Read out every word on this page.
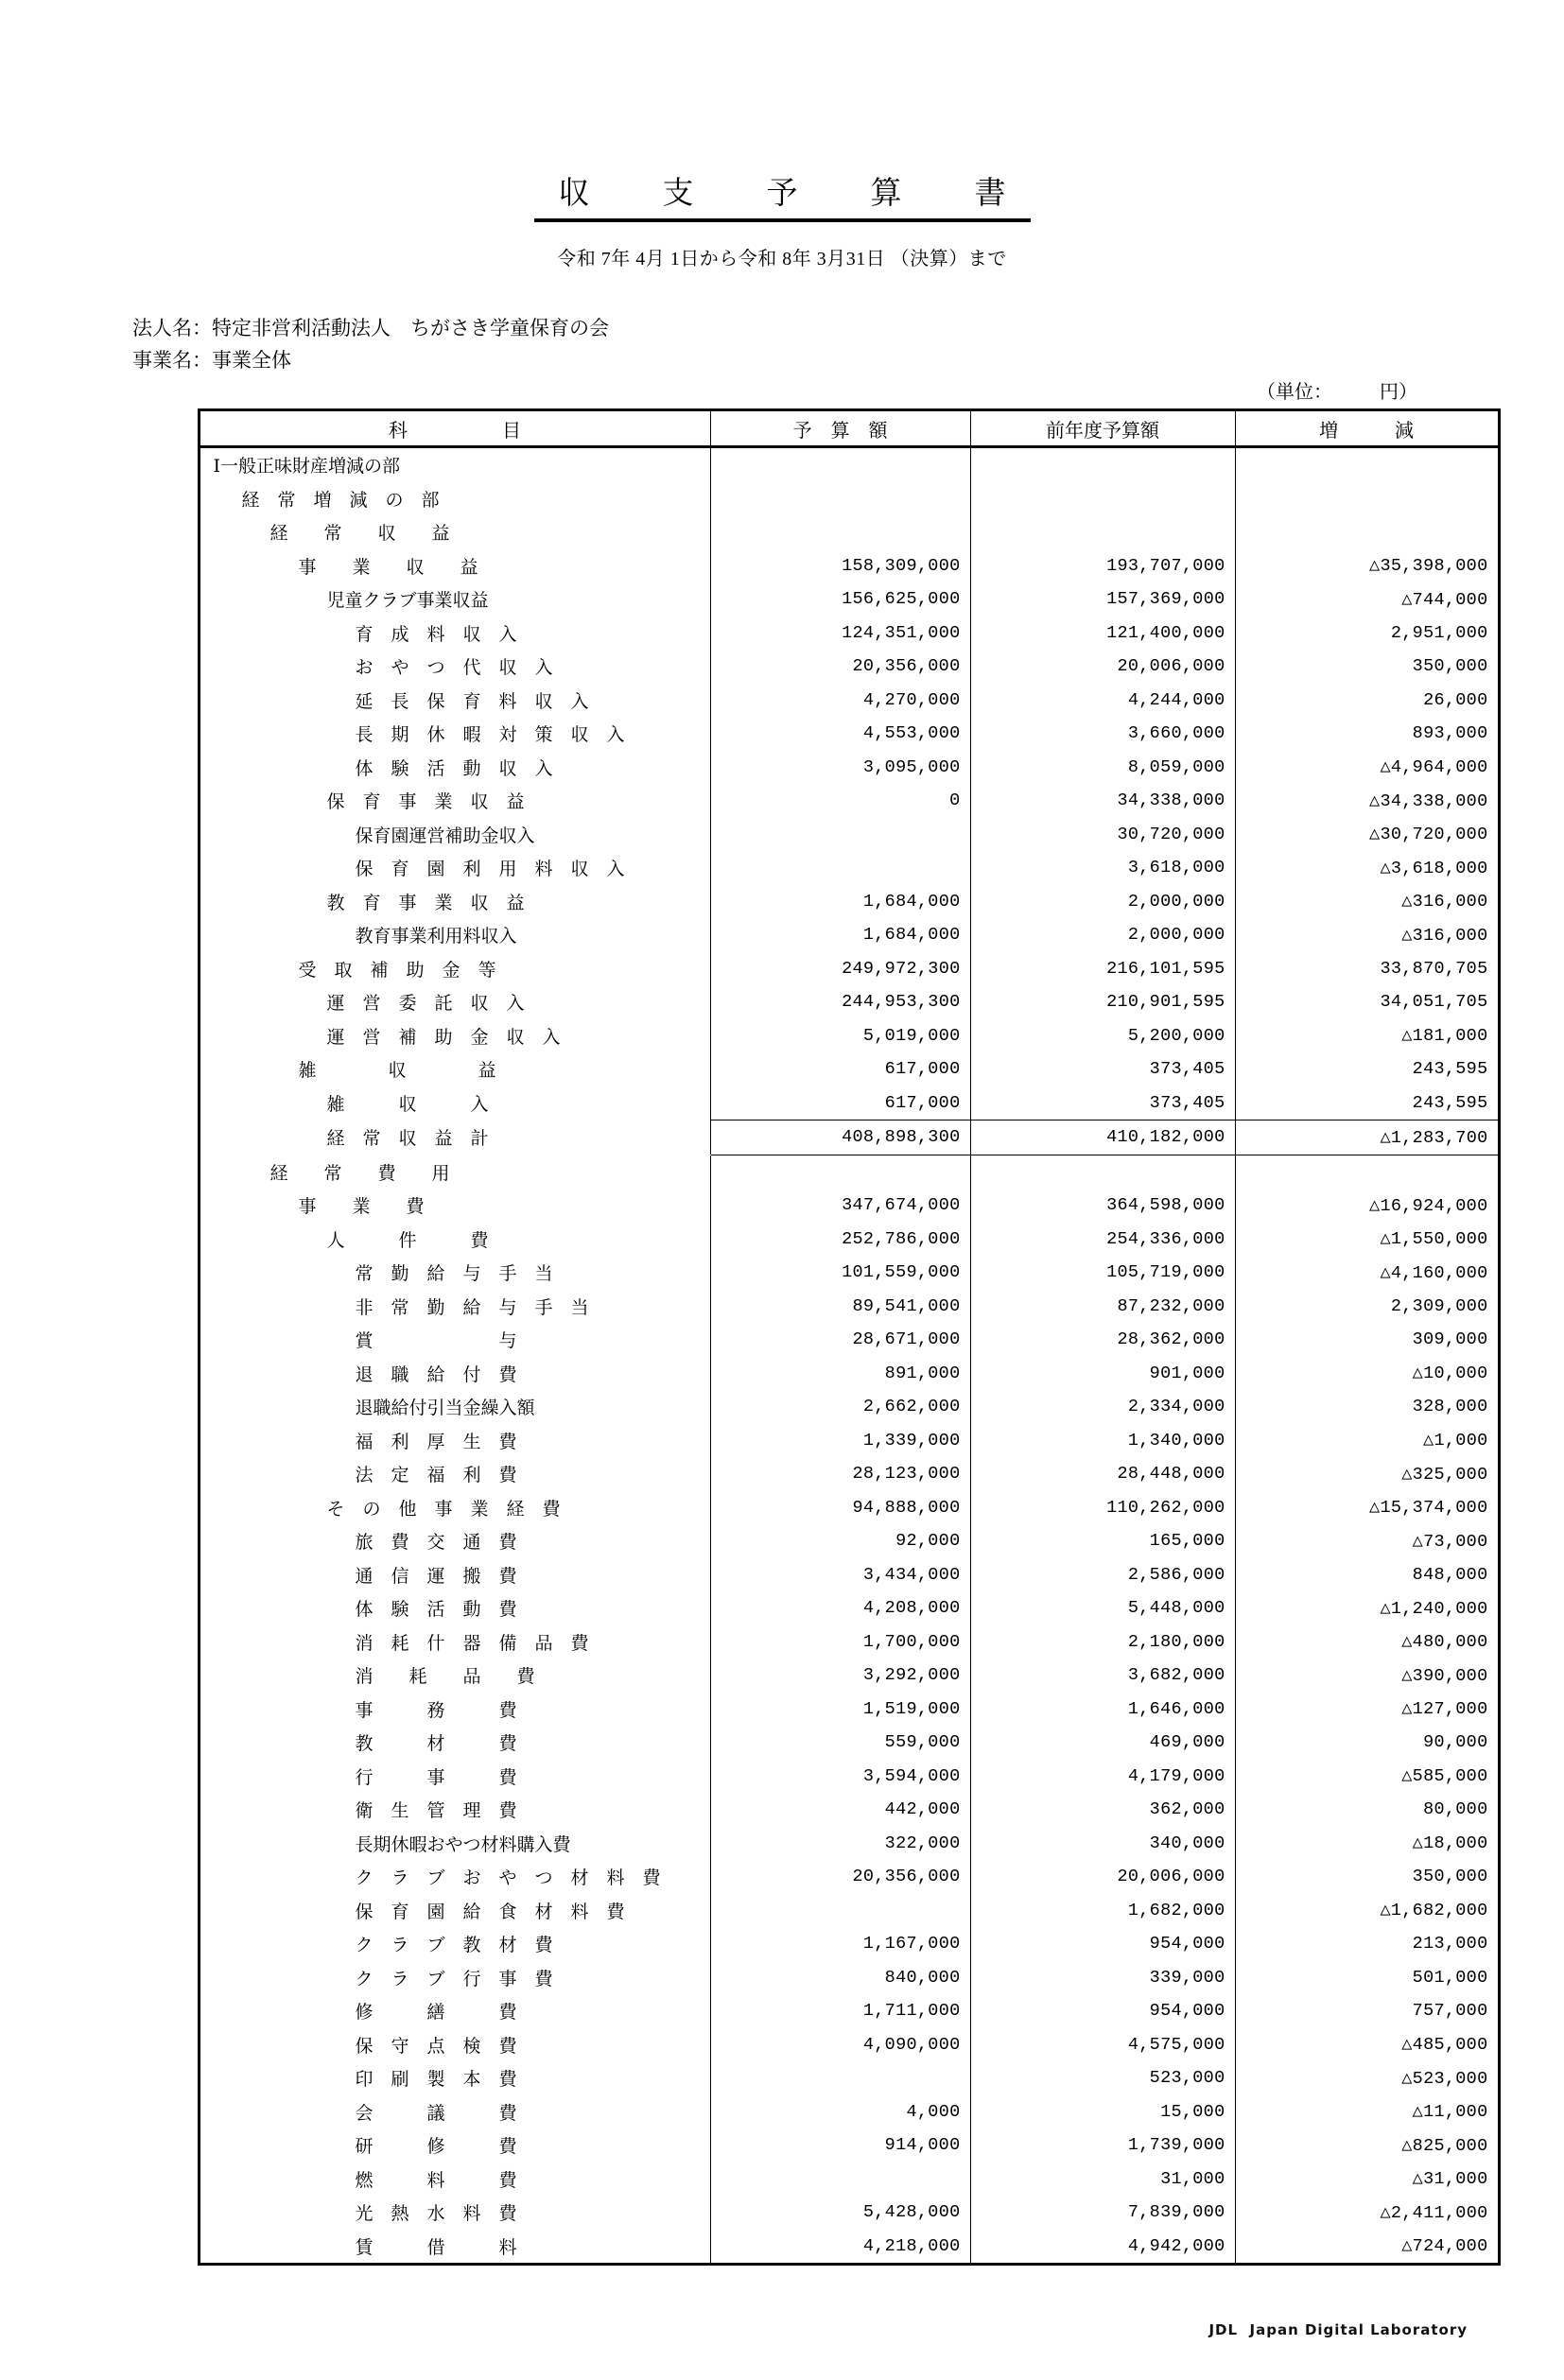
収　支　予　算　書
令和 7年 4月 1日から令和 8年 3月31日 （決算）まで
法人名：特定非営利活動法人　ちがさき学童保育の会
事業名：事業全体
（単位：　　　円）
科　　　　　目	予　算　額	前年度予算額	増　　　減
Ⅰ一般正味財産増減の部			
経　常　増　減　の　部			
経　　常　　収　　益			
事　　業　　収　　益	158,309,000	193,707,000	△35,398,000
児童クラブ事業収益	156,625,000	157,369,000	△744,000
育　成　料　収　入	124,351,000	121,400,000	2,951,000
お　や　つ　代　収　入	20,356,000	20,006,000	350,000
延　長　保　育　料　収　入	4,270,000	4,244,000	26,000
長　期　休　暇　対　策　収　入	4,553,000	3,660,000	893,000
体　験　活　動　収　入	3,095,000	8,059,000	△4,964,000
保　育　事　業　収　益	0	34,338,000	△34,338,000
保育園運営補助金収入		30,720,000	△30,720,000
保　育　園　利　用　料　収　入		3,618,000	△3,618,000
教　育　事　業　収　益	1,684,000	2,000,000	△316,000
教育事業利用料収入	1,684,000	2,000,000	△316,000
受　取　補　助　金　等	249,972,300	216,101,595	33,870,705
運　営　委　託　収　入	244,953,300	210,901,595	34,051,705
運　営　補　助　金　収　入	5,019,000	5,200,000	△181,000
雑　　　　収　　　　益	617,000	373,405	243,595
雑　　　収　　　入	617,000	373,405	243,595
経　常　収　益　計	408,898,300	410,182,000	△1,283,700
経　　常　　費　　用			
事　　業　　費	347,674,000	364,598,000	△16,924,000
人　　　件　　　費	252,786,000	254,336,000	△1,550,000
常　勤　給　与　手　当	101,559,000	105,719,000	△4,160,000
非　常　勤　給　与　手　当	89,541,000	87,232,000	2,309,000
賞　　　　　　　与	28,671,000	28,362,000	309,000
退　職　給　付　費	891,000	901,000	△10,000
退職給付引当金繰入額	2,662,000	2,334,000	328,000
福　利　厚　生　費	1,339,000	1,340,000	△1,000
法　定　福　利　費	28,123,000	28,448,000	△325,000
そ　の　他　事　業　経　費	94,888,000	110,262,000	△15,374,000
旅　費　交　通　費	92,000	165,000	△73,000
通　信　運　搬　費	3,434,000	2,586,000	848,000
体　験　活　動　費	4,208,000	5,448,000	△1,240,000
消　耗　什　器　備　品　費	1,700,000	2,180,000	△480,000
消　　耗　　品　　費	3,292,000	3,682,000	△390,000
事　　　務　　　費	1,519,000	1,646,000	△127,000
教　　　材　　　費	559,000	469,000	90,000
行　　　事　　　費	3,594,000	4,179,000	△585,000
衛　生　管　理　費	442,000	362,000	80,000
長期休暇おやつ材料購入費	322,000	340,000	△18,000
ク　ラ　ブ　お　や　つ　材　料　費	20,356,000	20,006,000	350,000
保　育　園　給　食　材　料　費		1,682,000	△1,682,000
ク　ラ　ブ　教　材　費	1,167,000	954,000	213,000
ク　ラ　ブ　行　事　費	840,000	339,000	501,000
修　　　繕　　　費	1,711,000	954,000	757,000
保　守　点　検　費	4,090,000	4,575,000	△485,000
印　刷　製　本　費		523,000	△523,000
会　　　議　　　費	4,000	15,000	△11,000
研　　　修　　　費	914,000	1,739,000	△825,000
燃　　　料　　　費		31,000	△31,000
光　熱　水　料　費	5,428,000	7,839,000	△2,411,000
賃　　　借　　　料	4,218,000	4,942,000	△724,000
JDL  Japan Digital Laboratory
